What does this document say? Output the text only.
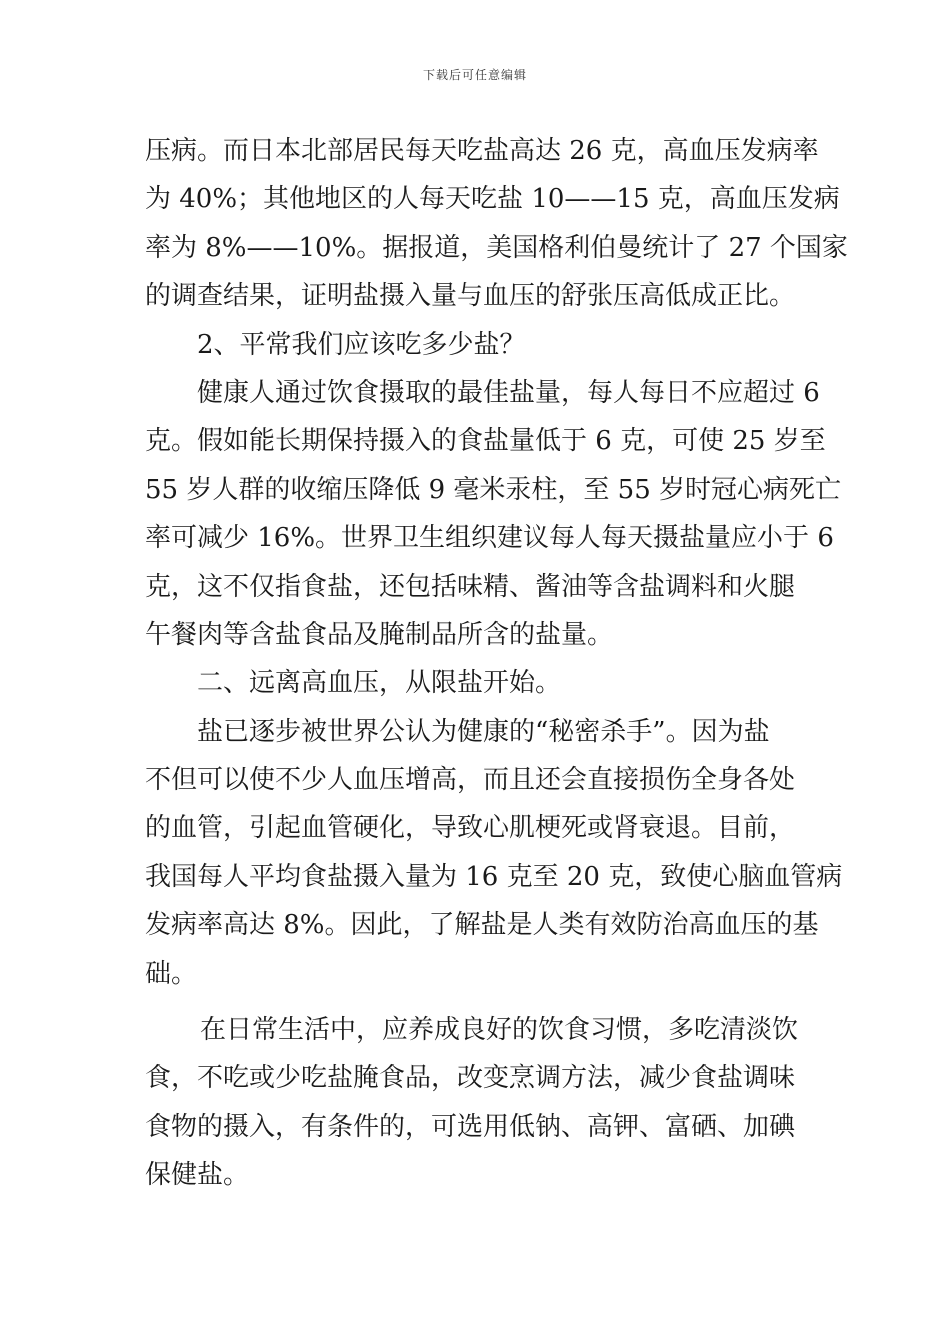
下载后可任意编辑
压病。而日本北部居民每天吃盐高达 26 克，高血压发病率
为 40%；其他地区的人每天吃盐 10——15 克，高血压发病
率为 8%——10%。据报道，美国格利伯曼统计了 27 个国家
的调查结果，证明盐摄入量与血压的舒张压高低成正比。
2、平常我们应该吃多少盐？
健康人通过饮食摄取的最佳盐量，每人每日不应超过 6
克。假如能长期保持摄入的食盐量低于 6 克，可使 25 岁至
55 岁人群的收缩压降低 9 毫米汞柱，至 55 岁时冠心病死亡
率可减少 16%。世界卫生组织建议每人每天摄盐量应小于 6
克，这不仅指食盐，还包括味精、酱油等含盐调料和火腿
午餐肉等含盐食品及腌制品所含的盐量。
二、远离高血压，从限盐开始。
盐已逐步被世界公认为健康的“秘密杀手”。因为盐
不但可以使不少人血压增高，而且还会直接损伤全身各处
的血管，引起血管硬化，导致心肌梗死或肾衰退。目前，
我国每人平均食盐摄入量为 16 克至 20 克，致使心脑血管病
发病率高达 8%。因此，了解盐是人类有效防治高血压的基
础。
在日常生活中，应养成良好的饮食习惯，多吃清淡饮
食，不吃或少吃盐腌食品，改变烹调方法，减少食盐调味
食物的摄入，有条件的，可选用低钠、高钾、富硒、加碘
保健盐。
